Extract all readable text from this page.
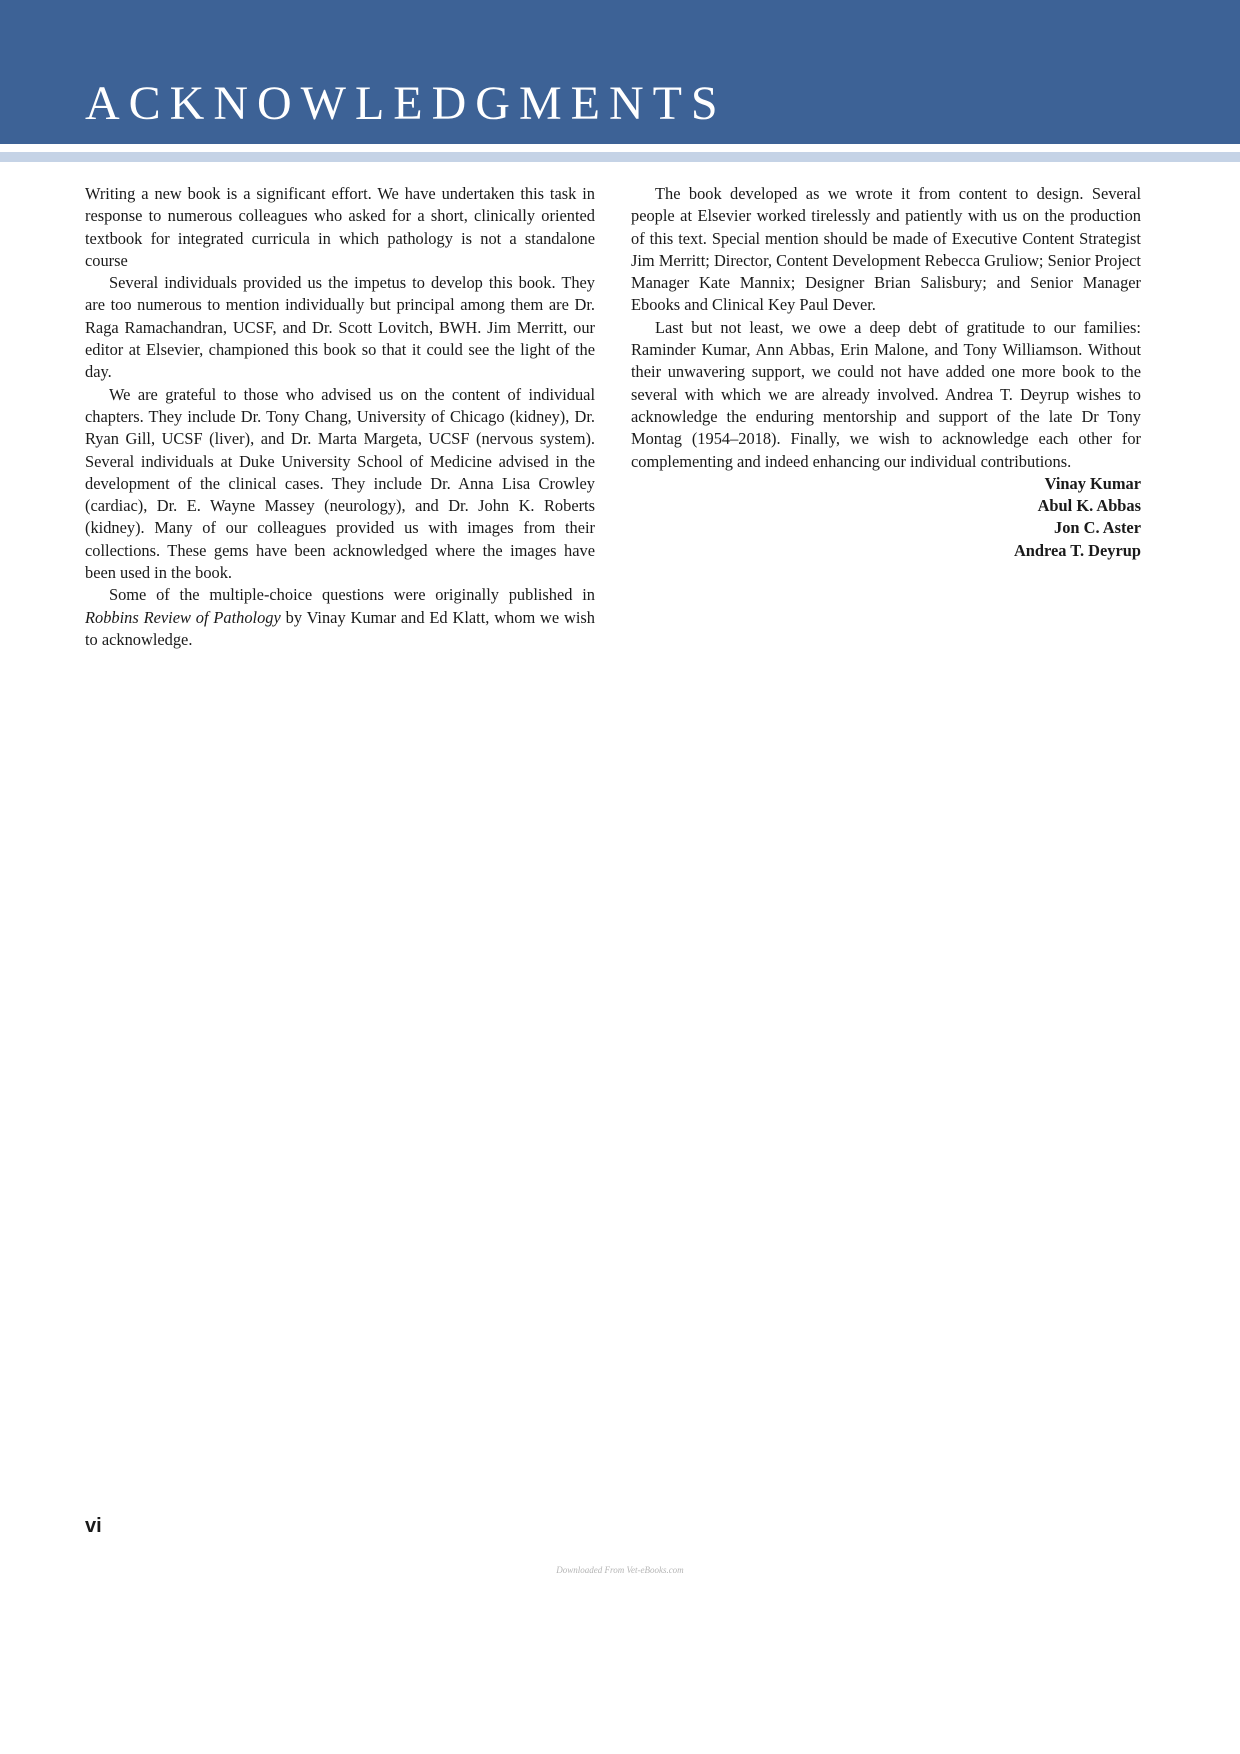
ACKNOWLEDGMENTS

Writing a new book is a significant effort. We have undertaken this task in response to numerous colleagues who asked for a short, clinically oriented textbook for integrated curricula in which pathology is not a standalone course

Several individuals provided us the impetus to develop this book. They are too numerous to mention individually but principal among them are Dr. Raga Ramachandran, UCSF, and Dr. Scott Lovitch, BWH. Jim Merritt, our editor at Elsevier, championed this book so that it could see the light of the day.

We are grateful to those who advised us on the content of individual chapters. They include Dr. Tony Chang, University of Chicago (kidney), Dr. Ryan Gill, UCSF (liver), and Dr. Marta Margeta, UCSF (nervous system). Several individuals at Duke University School of Medicine advised in the development of the clinical cases. They include Dr. Anna Lisa Crowley (cardiac), Dr. E. Wayne Massey (neurology), and Dr. John K. Roberts (kidney). Many of our colleagues provided us with images from their collections. These gems have been acknowledged where the images have been used in the book.

Some of the multiple-choice questions were originally published in Robbins Review of Pathology by Vinay Kumar and Ed Klatt, whom we wish to acknowledge.

The book developed as we wrote it from content to design. Several people at Elsevier worked tirelessly and patiently with us on the production of this text. Special mention should be made of Executive Content Strategist Jim Merritt; Director, Content Development Rebecca Gruliow; Senior Project Manager Kate Mannix; Designer Brian Salisbury; and Senior Manager Ebooks and Clinical Key Paul Dever.

Last but not least, we owe a deep debt of gratitude to our families: Raminder Kumar, Ann Abbas, Erin Malone, and Tony Williamson. Without their unwavering support, we could not have added one more book to the several with which we are already involved. Andrea T. Deyrup wishes to acknowledge the enduring mentorship and support of the late Dr Tony Montag (1954–2018). Finally, we wish to acknowledge each other for complementing and indeed enhancing our individual contributions.

Vinay Kumar
Abul K. Abbas
Jon C. Aster
Andrea T. Deyrup
vi
Downloaded From Vet-eBooks.com
